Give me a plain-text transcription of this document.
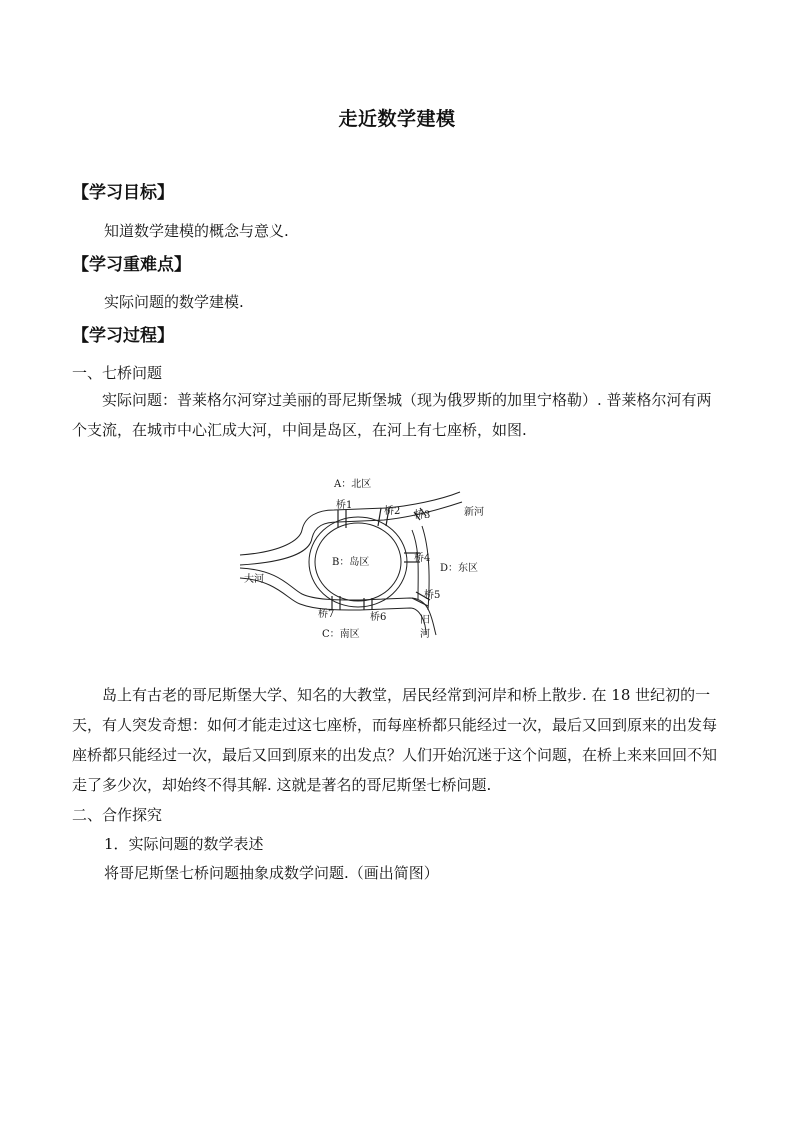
走近数学建模
【学习目标】
知道数学建模的概念与意义.
【学习重难点】
实际问题的数学建模.
【学习过程】
一、七桥问题
实际问题：普莱格尔河穿过美丽的哥尼斯堡城（现为俄罗斯的加里宁格勒）. 普莱格尔河有两个支流，在城市中心汇成大河，中间是岛区，在河上有七座桥，如图.
A：北区
桥1
桥2 桥3	新河
B：岛区	桥4
D：东区
大河
桥5
桥7	桥6	旧
河
C：南区
岛上有古老的哥尼斯堡大学、知名的大教堂，居民经常到河岸和桥上散步. 在 18 世纪初的一天，有人突发奇想：如何才能走过这七座桥，而每座桥都只能经过一次，最后又回到原来的出发每座桥都只能经过一次，最后又回到原来的出发点？人们开始沉迷于这个问题，在桥上来来回回不知走了多少次，却始终不得其解. 这就是著名的哥尼斯堡七桥问题.
二、合作探究
1．实际问题的数学表述
将哥尼斯堡七桥问题抽象成数学问题.（画出简图）
